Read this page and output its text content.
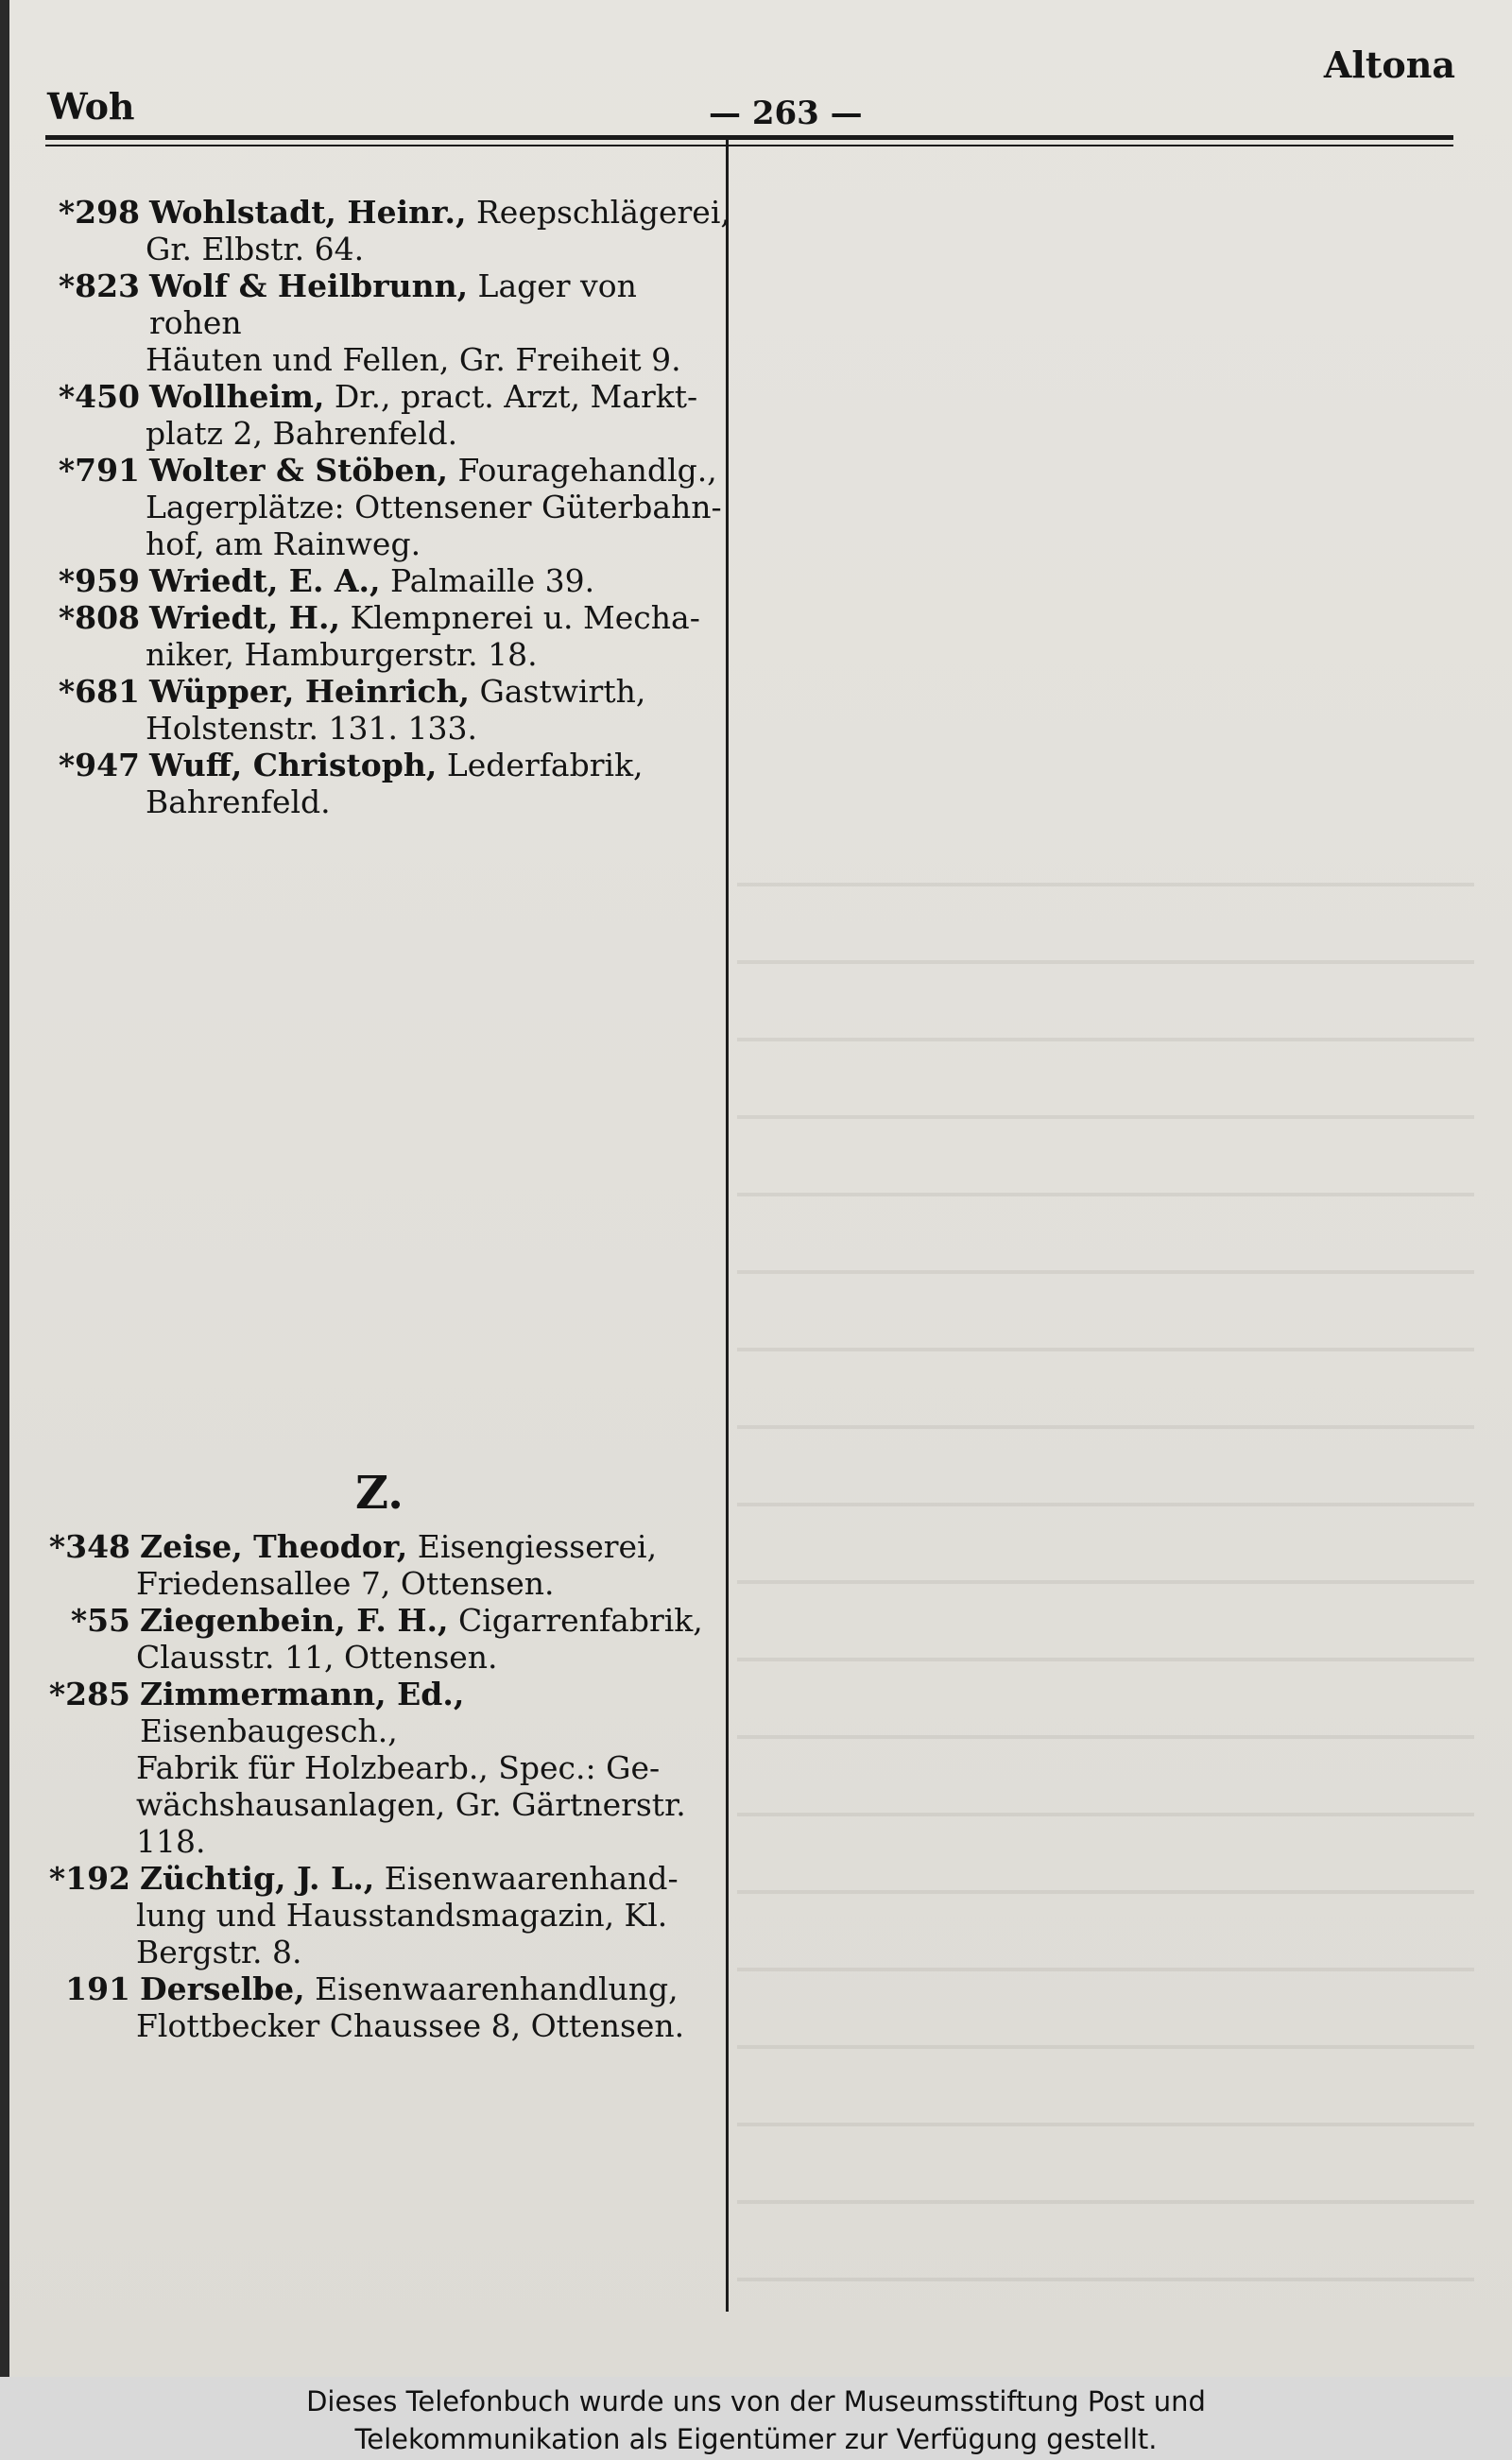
Woh	— 263 —
Altona
*298 Wohlstadt, Heinr., Reepschlägerei,
Gr. Elbstr. 64.
*823 Wolf & Heilbrunn, Lager von rohen
Häuten und Fellen, Gr. Freiheit 9.
*450 Wollheim, Dr., pract. Arzt, Markt-
platz 2, Bahrenfeld.
*791 Wolter & Stöben, Fouragehandlg.,
Lagerplätze: Ottensener Güterbahn-
hof, am Rainweg.
*959 Wriedt, E. A., Palmaille 39.
*808 Wriedt, H., Klempnerei u. Mecha-
niker, Hamburgerstr. 18.
*681 Wüpper, Heinrich, Gastwirth,
Holstenstr. 131. 133.
*947 Wuff, Christoph, Lederfabrik,
Bahrenfeld.
Z.
*348 Zeise, Theodor, Eisengiesserei,
Friedensallee 7, Ottensen.
*55 Ziegenbein, F. H., Cigarrenfabrik,
Clausstr. 11, Ottensen.
*285 Zimmermann, Ed., Eisenbaugesch.,
Fabrik für Holzbearb., Spec.: Ge-
wächshausanlagen, Gr. Gärtnerstr.
118.
*192 Züchtig, J. L., Eisenwaarenhand-
lung und Hausstandsmagazin, Kl.
Bergstr. 8.
191 Derselbe, Eisenwaarenhandlung,
Flottbecker Chaussee 8, Ottensen.

Dieses Telefonbuch wurde uns von der Museumsstiftung Post und

Telekommunikation als Eigentümer zur Verfügung gestellt.
